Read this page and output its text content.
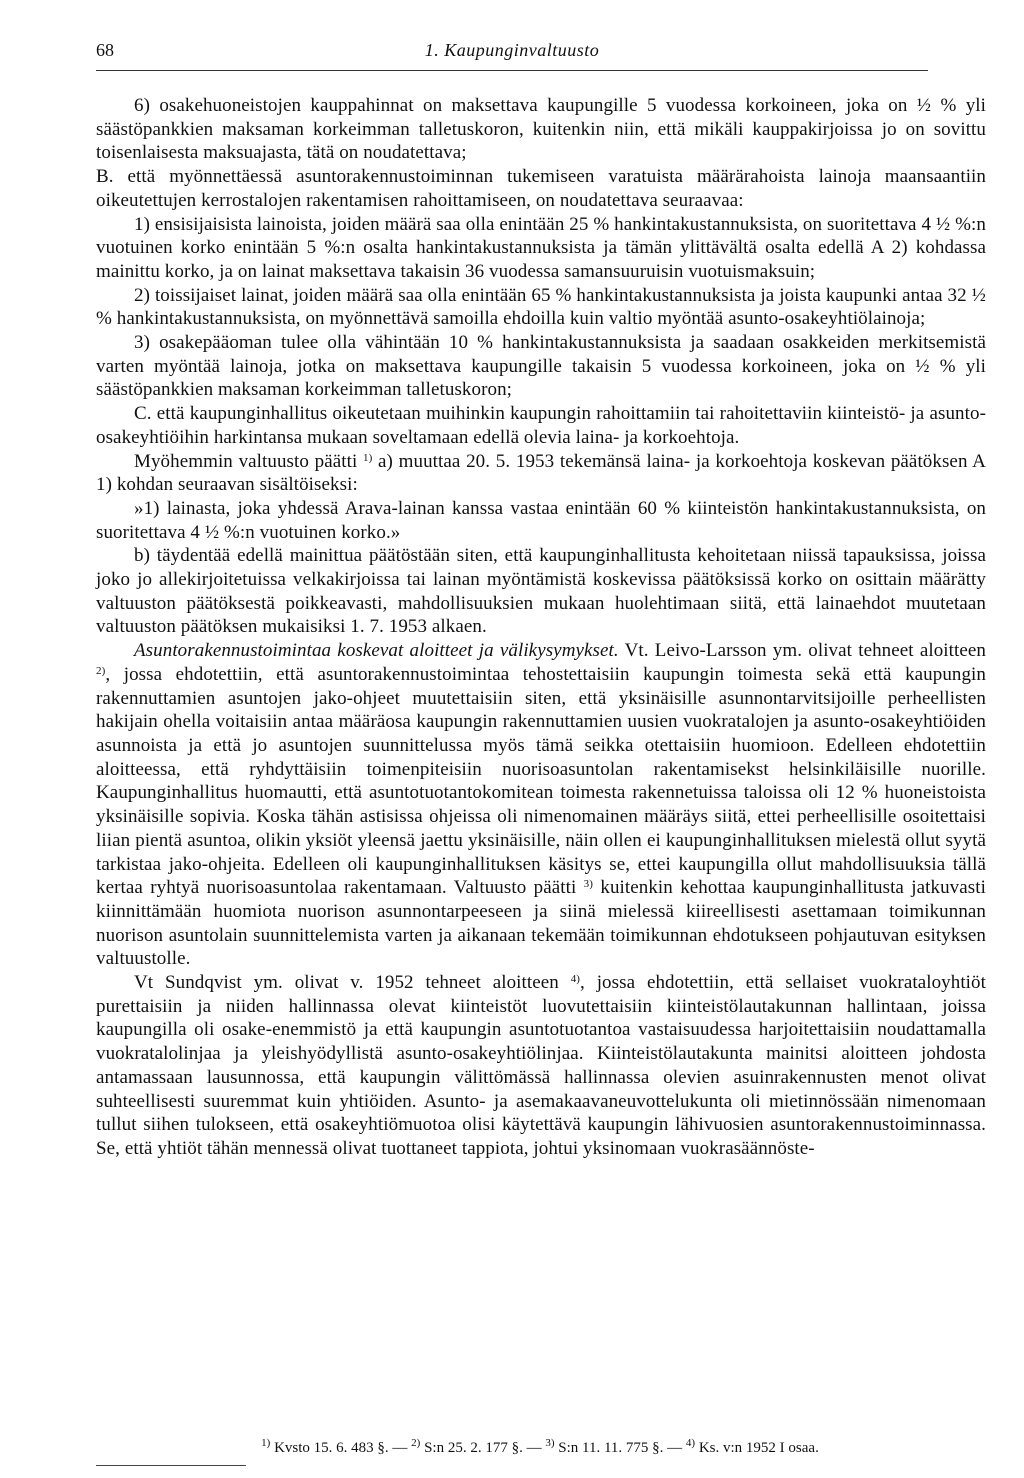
68	1. Kaupunginvaltuusto

6) osakehuoneistojen kauppahinnat on maksettava kaupungille 5 vuodessa korkoineen, joka on ½ % yli säästöpankkien maksaman korkeimman talletuskoron, kuitenkin niin, että mikäli kauppakirjoissa jo on sovittu toisenlaisesta maksuajasta, tätä on noudatettava;

B. että myönnettäessä asuntorakennustoiminnan tukemiseen varatuista määrärahoista lainoja maansaantiin oikeutettujen kerrostalojen rakentamisen rahoittamiseen, on noudatettava seuraavaa:

1) ensisijaisista lainoista, joiden määrä saa olla enintään 25 % hankintakustannuksista, on suoritettava 4 ½ %:n vuotuinen korko enintään 5 %:n osalta hankintakustannuksista ja tämän ylittävältä osalta edellä A 2) kohdassa mainittu korko, ja on lainat maksettava takaisin 36 vuodessa samansuuruisin vuotuismaksuin;

2) toissijaiset lainat, joiden määrä saa olla enintään 65 % hankintakustannuksista ja joista kaupunki antaa 32 ½ % hankintakustannuksista, on myönnettävä samoilla ehdoilla kuin valtio myöntää asunto-osakeyhtiölainoja;

3) osakepääoman tulee olla vähintään 10 % hankintakustannuksista ja saadaan osakkeiden merkitsemistä varten myöntää lainoja, jotka on maksettava kaupungille takaisin 5 vuodessa korkoineen, joka on ½ % yli säästöpankkien maksaman korkeimman talletuskoron;

C. että kaupunginhallitus oikeutetaan muihinkin kaupungin rahoittamiin tai rahoitettaviin kiinteistö- ja asunto-osakeyhtiöihin harkintansa mukaan soveltamaan edellä olevia laina- ja korkoehtoja.

Myöhemmin valtuusto päätti $^{1)}$ a) muuttaa 20. 5. 1953 tekemänsä laina- ja korkoehtoja koskevan päätöksen A 1) kohdan seuraavan sisältöiseksi:

»1) lainasta, joka yhdessä Arava-lainan kanssa vastaa enintään 60 % kiinteistön hankintakustannuksista, on suoritettava 4 ½ %:n vuotuinen korko.»

b) täydentää edellä mainittua päätöstään siten, että kaupunginhallitusta kehoitetaan niissä tapauksissa, joissa joko jo allekirjoitetuissa velkakirjoissa tai lainan myöntämistä koskevissa päätöksissä korko on osittain määrätty valtuuston päätöksestä poikkeavasti, mahdollisuuksien mukaan huolehtimaan siitä, että lainaehdot muutetaan valtuuston päätöksen mukaisiksi 1. 7. 1953 alkaen.

Asuntorakennustoimintaa koskevat aloitteet ja välikysymykset. Vt. Leivo-Larsson ym. olivat tehneet aloitteen $^{2)}$, jossa ehdotettiin, että asuntorakennustoimintaa tehostettaisiin kaupungin toimesta sekä että kaupungin rakennuttamien asuntojen jako-ohjeet muutettaisiin siten, että yksinäisille asunnontarvitsijoille perheellisten hakijain ohella voitaisiin antaa määräosa kaupungin rakennuttamien uusien vuokratalojen ja asunto-osakeyhtiöiden asunnoista ja että jo asuntojen suunnittelussa myös tämä seikka otettaisiin huomioon. Edelleen ehdotettiin aloitteessa, että ryhdyttäisiin toimenpiteisiin nuorisoasuntolan rakentamisekst helsinkiläisille nuorille. Kaupunginhallitus huomautti, että asuntotuotantokomitean toimesta rakennetuissa taloissa oli 12 % huoneistoista yksinäisille sopivia. Koska tähän astisissa ohjeissa oli nimenomainen määräys siitä, ettei perheellisille osoitettaisi liian pientä asuntoa, olikin yksiöt yleensä jaettu yksinäisille, näin ollen ei kaupunginhallituksen mielestä ollut syytä tarkistaa jako-ohjeita. Edelleen oli kaupunginhallituksen käsitys se, ettei kaupungilla ollut mahdollisuuksia tällä kertaa ryhtyä nuorisoasuntolaa rakentamaan. Valtuusto päätti $^{3)}$ kuitenkin kehottaa kaupunginhallitusta jatkuvasti kiinnittämään huomiota nuorison asunnontarpeeseen ja siinä mielessä kiireellisesti asettamaan toimikunnan nuorison asuntolain suunnittelemista varten ja aikanaan tekemään toimikunnan ehdotukseen pohjautuvan esityksen valtuustolle.

Vt Sundqvist ym. olivat v. 1952 tehneet aloitteen $^{4)}$, jossa ehdotettiin, että sellaiset vuokrataloyhtiöt purettaisiin ja niiden hallinnassa olevat kiinteistöt luovutettaisiin kiinteistölautakunnan hallintaan, joissa kaupungilla oli osake-enemmistö ja että kaupungin asuntotuotantoa vastaisuudessa harjoitettaisiin noudattamalla vuokratalolinjaa ja yleishyödyllistä asunto-osakeyhtiölinjaa. Kiinteistölautakunta mainitsi aloitteen johdosta antamassaan lausunnossa, että kaupungin välittömässä hallinnassa olevien asuinrakennusten menot olivat suhteellisesti suuremmat kuin yhtiöiden. Asunto- ja asemakaavaneuvottelukunta oli mietinnössään nimenomaan tullut siihen tulokseen, että osakeyhtiömuotoa olisi käytettävä kaupungin lähivuosien asuntorakennustoiminnassa. Se, että yhtiöt tähän mennessä olivat tuottaneet tappiota, johtui yksinomaan vuokrasäännöste-

$^{1)}$ Kvsto 15. 6. 483 §. — $^{2)}$ S:n 25. 2. 177 §. — $^{3)}$ S:n 11. 11. 775 §. — $^{4)}$ Ks. v:n 1952 I osaa.
